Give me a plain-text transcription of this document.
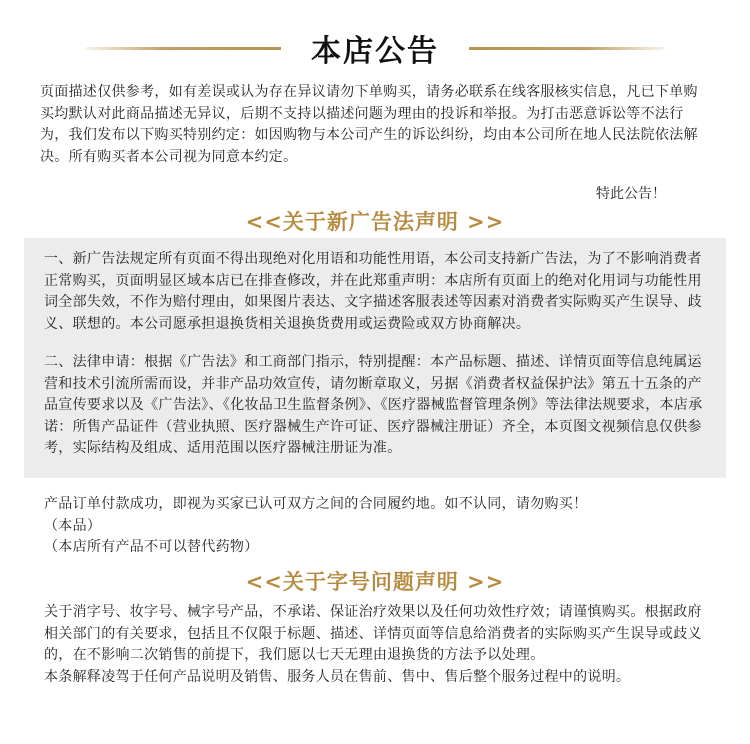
本店公告
页面描述仅供参考，如有差误或认为存在异议请勿下单购买，请务必联系在线客服核实信息，凡已下单购买均默认对此商品描述无异议，后期不支持以描述问题为理由的投诉和举报。为打击恶意诉讼等不法行为，我们发布以下购买特别约定：如因购物与本公司产生的诉讼纠纷，均由本公司所在地人民法院依法解决。所有购买者本公司视为同意本约定。
特此公告！
<<关于新广告法声明 >>
一、新广告法规定所有页面不得出现绝对化用语和功能性用语，本公司支持新广告法，为了不影响消费者正常购买，页面明显区域本店已在排查修改，并在此郑重声明：本店所有页面上的绝对化用词与功能性用词全部失效，不作为赔付理由，如果图片表达、文字描述客服表述等因素对消费者实际购买产生误导、歧义、联想的。本公司愿承担退换货相关退换货费用或运费险或双方协商解决。
二、法律申请：根据《广告法》和工商部门指示，特别提醒：本产品标题、描述、详情页面等信息纯属运营和技术引流所需而设，并非产品功效宣传，请勿断章取义，另据《消费者权益保护法》第五十五条的产品宣传要求以及《广告法》、《化妆品卫生监督条例》、《医疗器械监督管理条例》等法律法规要求，本店承诺：所售产品证件（营业执照、医疗器械生产许可证、医疗器械注册证）齐全，本页图文视频信息仅供参考，实际结构及组成、适用范围以医疗器械注册证为准。
产品订单付款成功，即视为买家已认可双方之间的合同履约地。如不认同，请勿购买！
（本品）
（本店所有产品不可以替代药物）
<<关于字号问题声明 >>
关于消字号、妆字号、械字号产品，不承诺、保证治疗效果以及任何功效性疗效；请谨慎购买。根据政府相关部门的有关要求，包括且不仅限于标题、描述、详情页面等信息给消费者的实际购买产生误导或歧义的，在不影响二次销售的前提下，我们愿以七天无理由退换货的方法予以处理。
本条解释凌驾于任何产品说明及销售、服务人员在售前、售中、售后整个服务过程中的说明。
